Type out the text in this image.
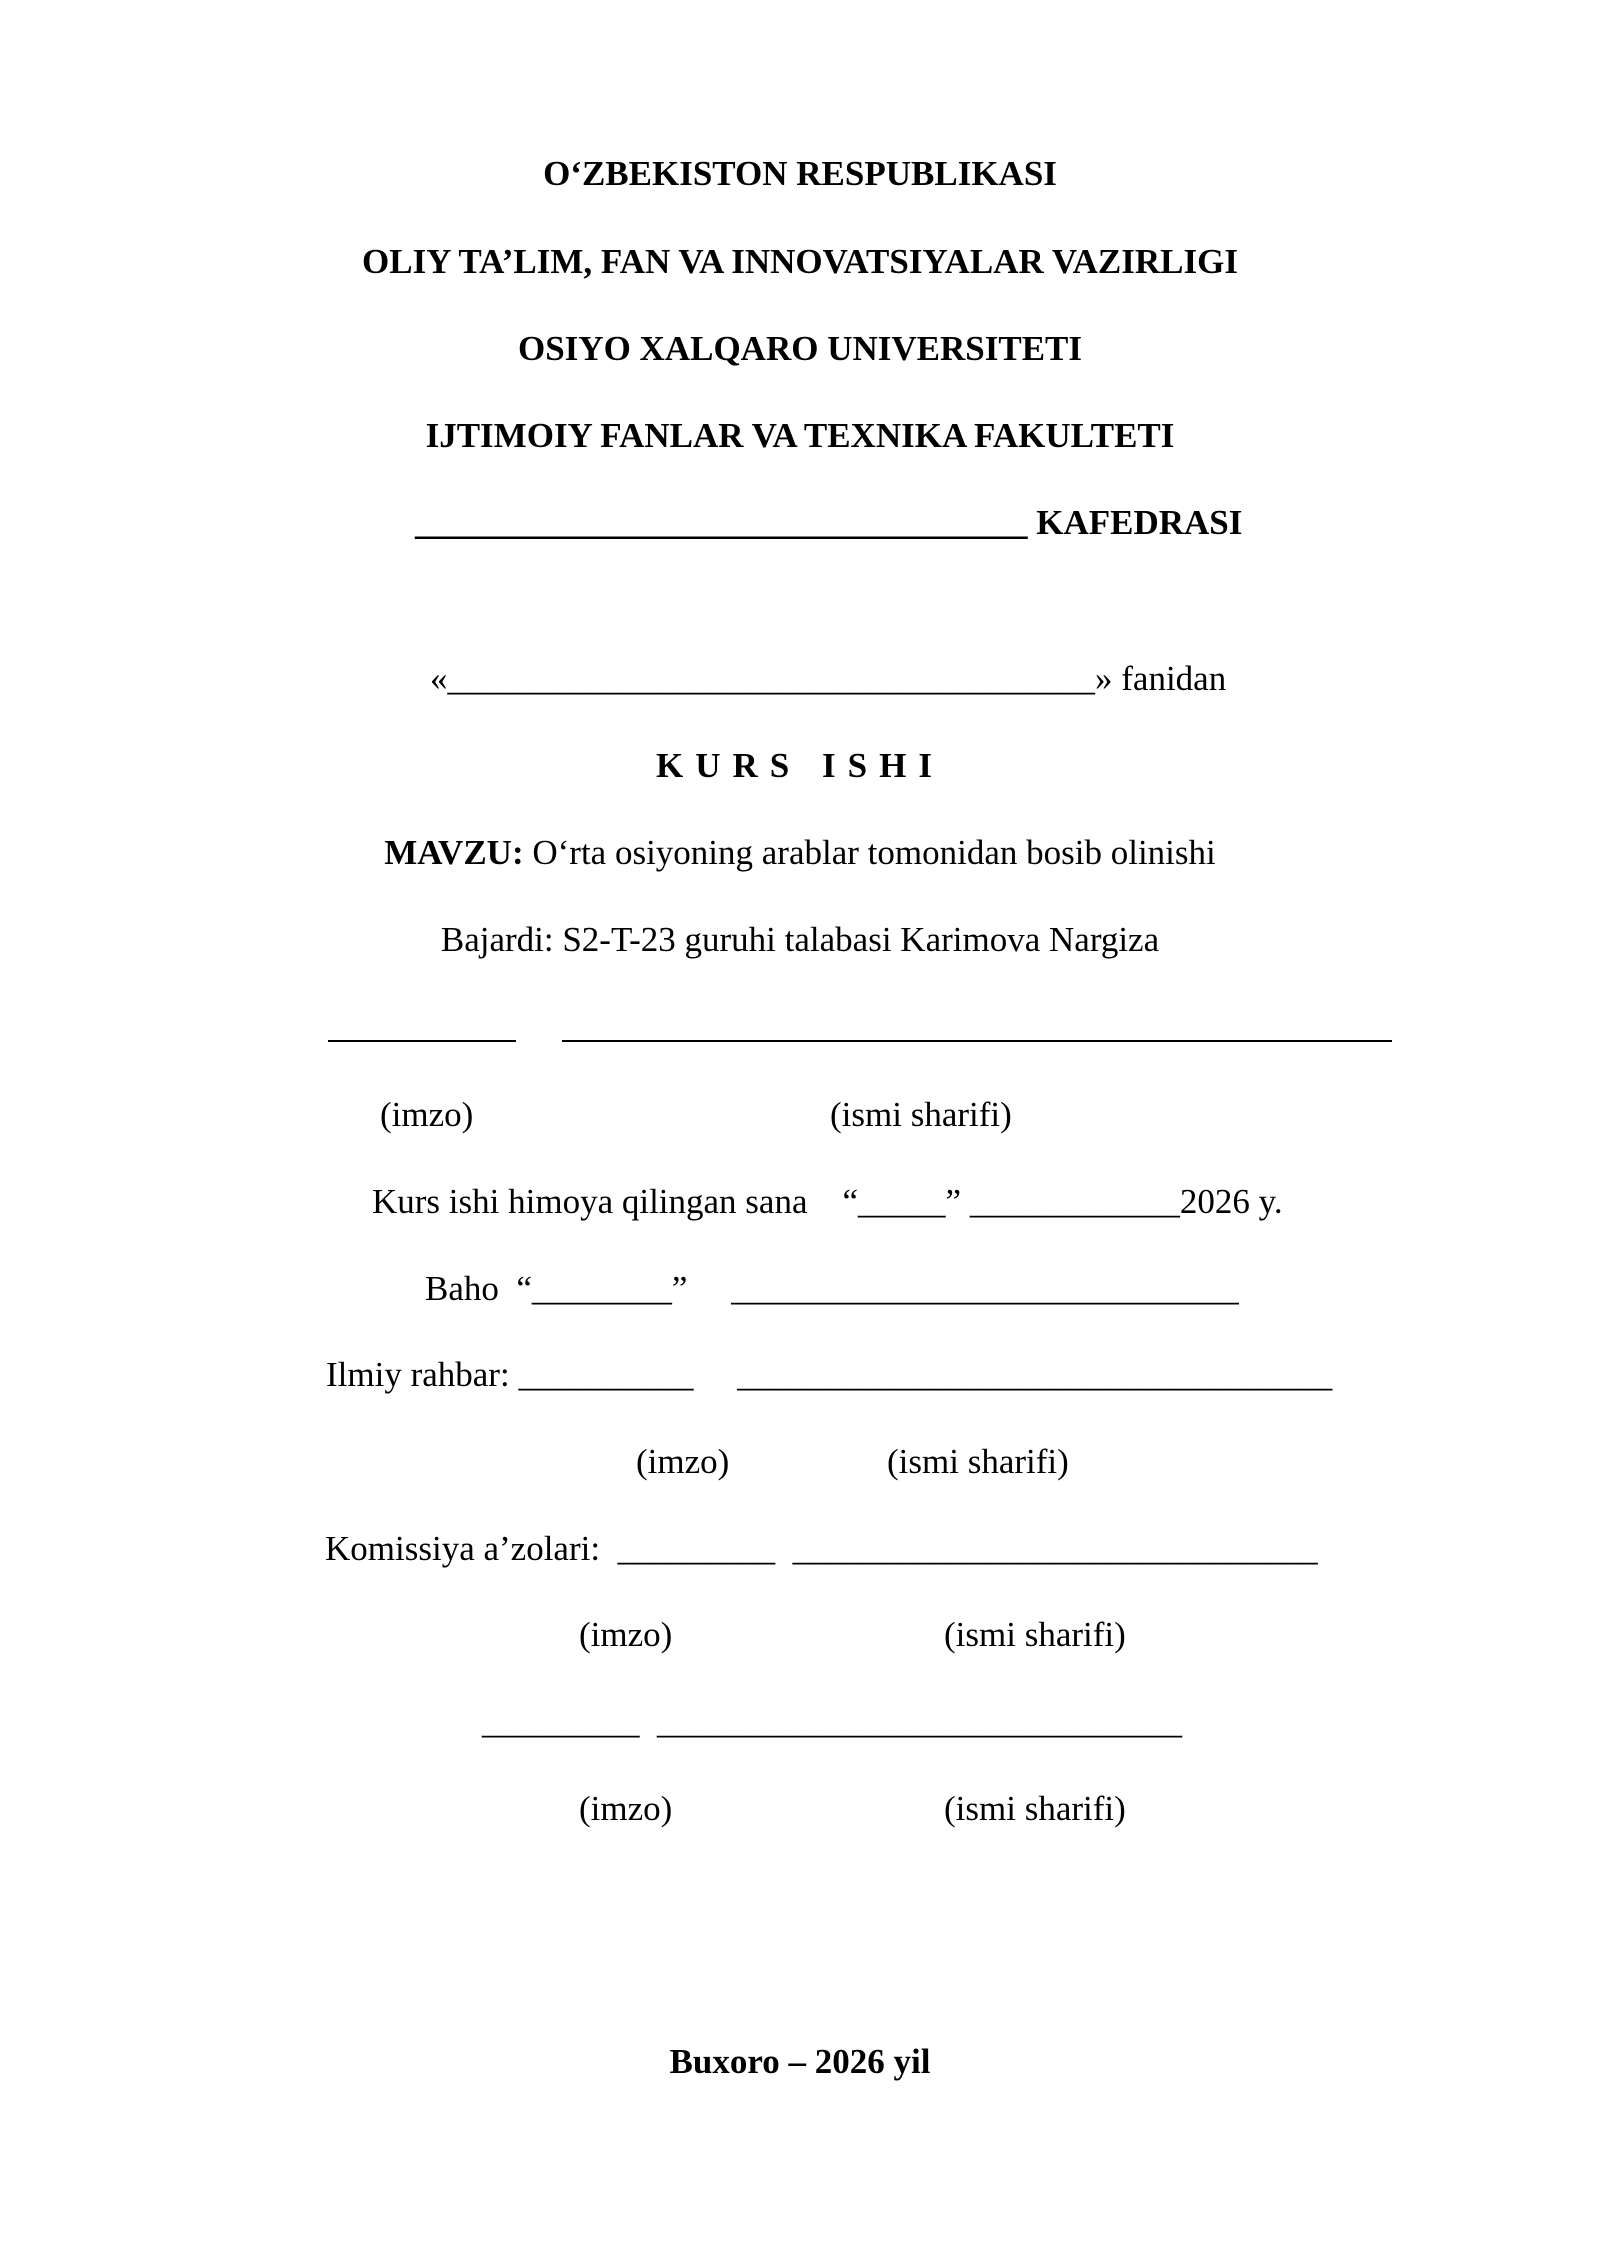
O‘ZBEKISTON RESPUBLIKASI
OLIY TA’LIM, FAN VA INNOVATSIYALAR VAZIRLIGI
OSIYO XALQARO UNIVERSITETI
IJTIMOIY FANLAR VA TEXNIKA FAKULTETI
___________________________________ KAFEDRASI
«_____________________________________» fanidan
KURS ISHI
MAVZU: O‘rta osiyoning arablar tomonidan bosib olinishi
Bajardi: S2-T-23 guruhi talabasi Karimova Nargiza
(imzo)	(ismi sharifi)
Kurs ishi himoya qilingan sana “_____” ____________2026 y.
Baho “________” _____________________________
Ilmiy rahbar: __________ __________________________________
(imzo)	(ismi sharifi)
Komissiya a’zolari: _________ ______________________________
(imzo)	(ismi sharifi)
_________ ______________________________
(imzo)	(ismi sharifi)
Buxoro – 2026 yil
